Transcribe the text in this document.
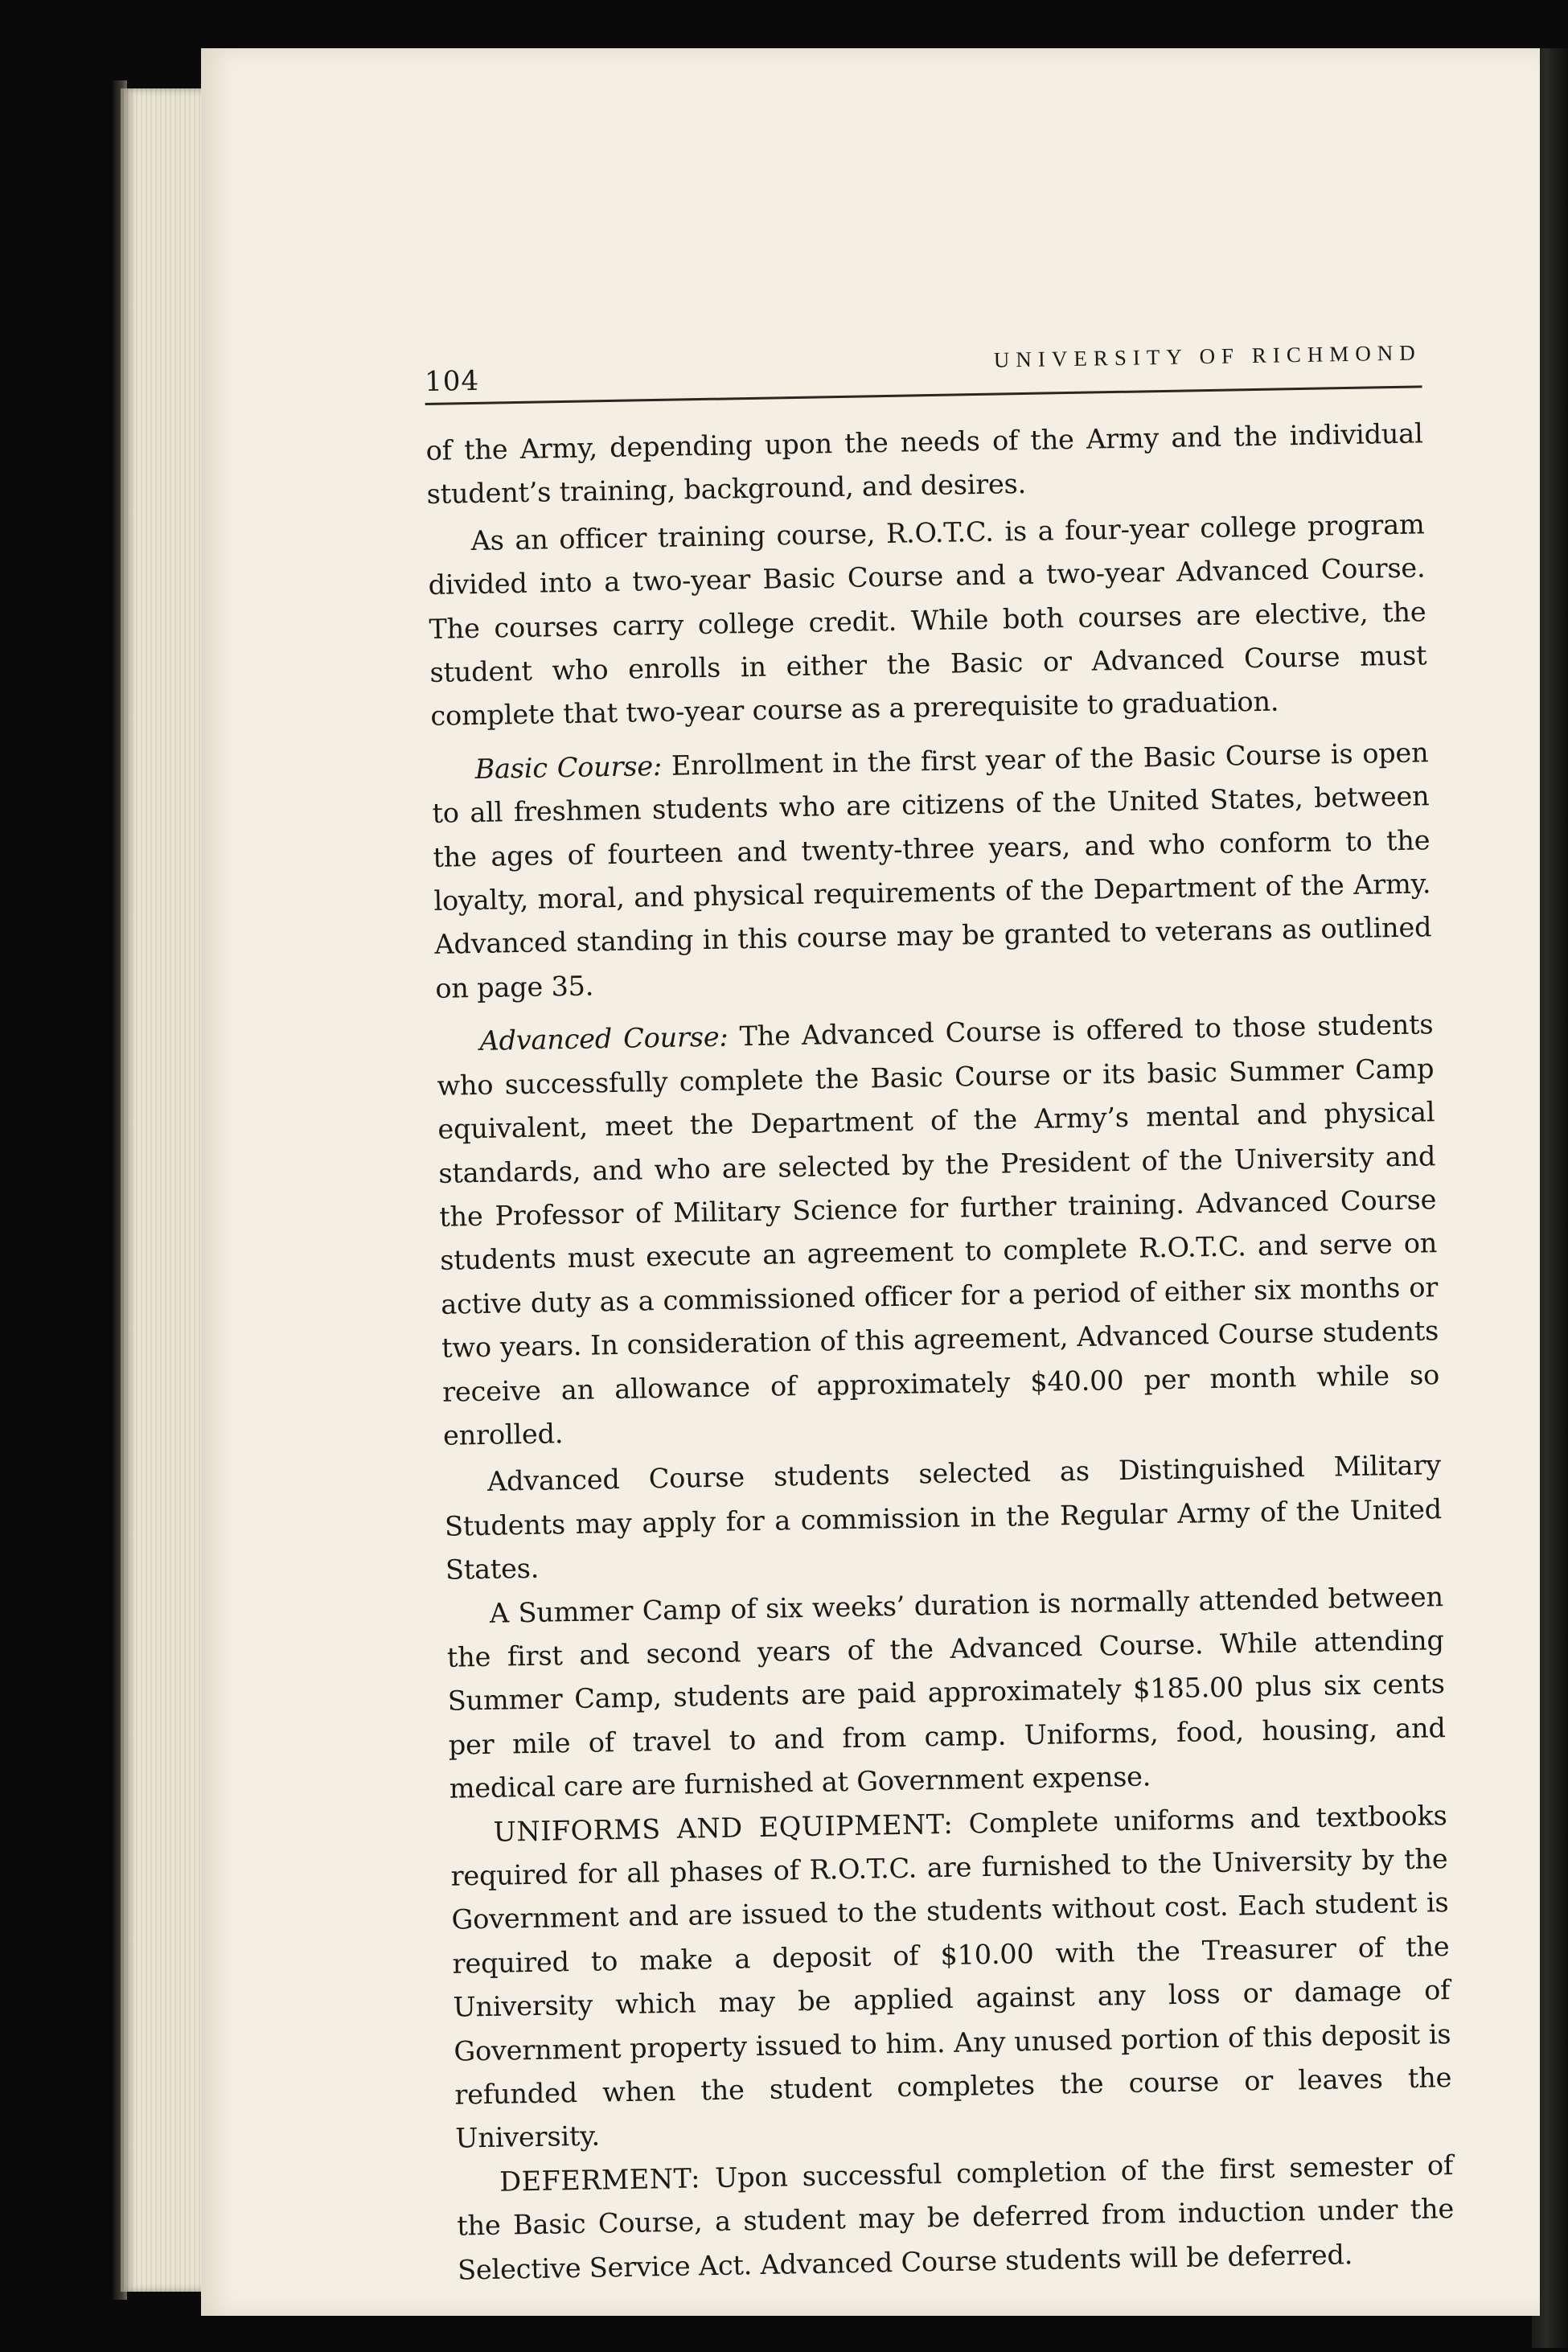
104
UNIVERSITY OF RICHMOND

of the Army, depending upon the needs of the Army and the individual student’s training, background, and desires.

As an officer training course, R.O.T.C. is a four-year college program divided into a two-year Basic Course and a two-year Advanced Course. The courses carry college credit. While both courses are elective, the student who enrolls in either the Basic or Advanced Course must complete that two-year course as a prerequisite to graduation.

Basic Course: Enrollment in the first year of the Basic Course is open to all freshmen students who are citizens of the United States, between the ages of fourteen and twenty-three years, and who conform to the loyalty, moral, and physical requirements of the Department of the Army. Advanced standing in this course may be granted to veterans as outlined on page 35.

Advanced Course: The Advanced Course is offered to those students who successfully complete the Basic Course or its basic Summer Camp equivalent, meet the Department of the Army’s mental and physical standards, and who are selected by the President of the University and the Professor of Military Science for further training. Advanced Course students must execute an agreement to complete R.O.T.C. and serve on active duty as a commissioned officer for a period of either six months or two years. In consideration of this agreement, Advanced Course students receive an allowance of approximately $40.00 per month while so enrolled.

Advanced Course students selected as Distinguished Military Students may apply for a commission in the Regular Army of the United States.

A Summer Camp of six weeks’ duration is normally attended between the first and second years of the Advanced Course. While attending Summer Camp, students are paid approximately $185.00 plus six cents per mile of travel to and from camp. Uniforms, food, housing, and medical care are furnished at Government expense.

UNIFORMS AND EQUIPMENT: Complete uniforms and textbooks required for all phases of R.O.T.C. are furnished to the University by the Government and are issued to the students without cost. Each student is required to make a deposit of $10.00 with the Treasurer of the University which may be applied against any loss or damage of Government property issued to him. Any unused portion of this deposit is refunded when the student completes the course or leaves the University.

DEFERMENT: Upon successful completion of the first semester of the Basic Course, a student may be deferred from induction under the Selective Service Act. Advanced Course students will be deferred.
